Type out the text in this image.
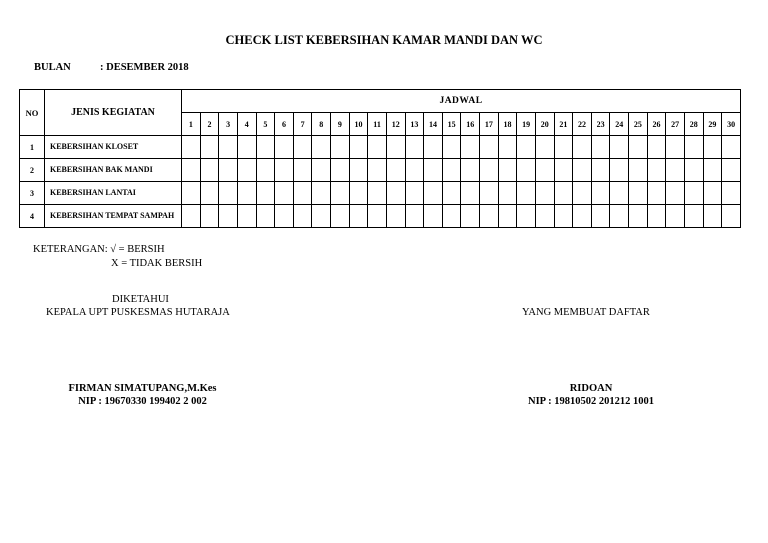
CHECK LIST KEBERSIHAN KAMAR MANDI DAN WC
BULAN	: DESEMBER 2018
NO	JENIS KEGIATAN	JADWAL																													
		1	2	3	4	5	6	7	8	9	10	11	12	13	14	15	16	17	18	19	20	21	22	23	24	25	26	27	28	29	30
1	KEBERSIHAN KLOSET																														
2	KEBERSIHAN BAK MANDI																														
3	KEBERSIHAN LANTAI																														
4	KEBERSIHAN TEMPAT SAMPAH																														
KETERANGAN: √ = BERSIH
X = TIDAK BERSIH
DIKETAHUI
KEPALA UPT PUSKESMAS HUTARAJA	YANG MEMBUAT DAFTAR
FIRMAN SIMATUPANG,M.Kes
NIP : 19670330 199402 2 002
RIDOAN
NIP : 19810502 201212 1001
